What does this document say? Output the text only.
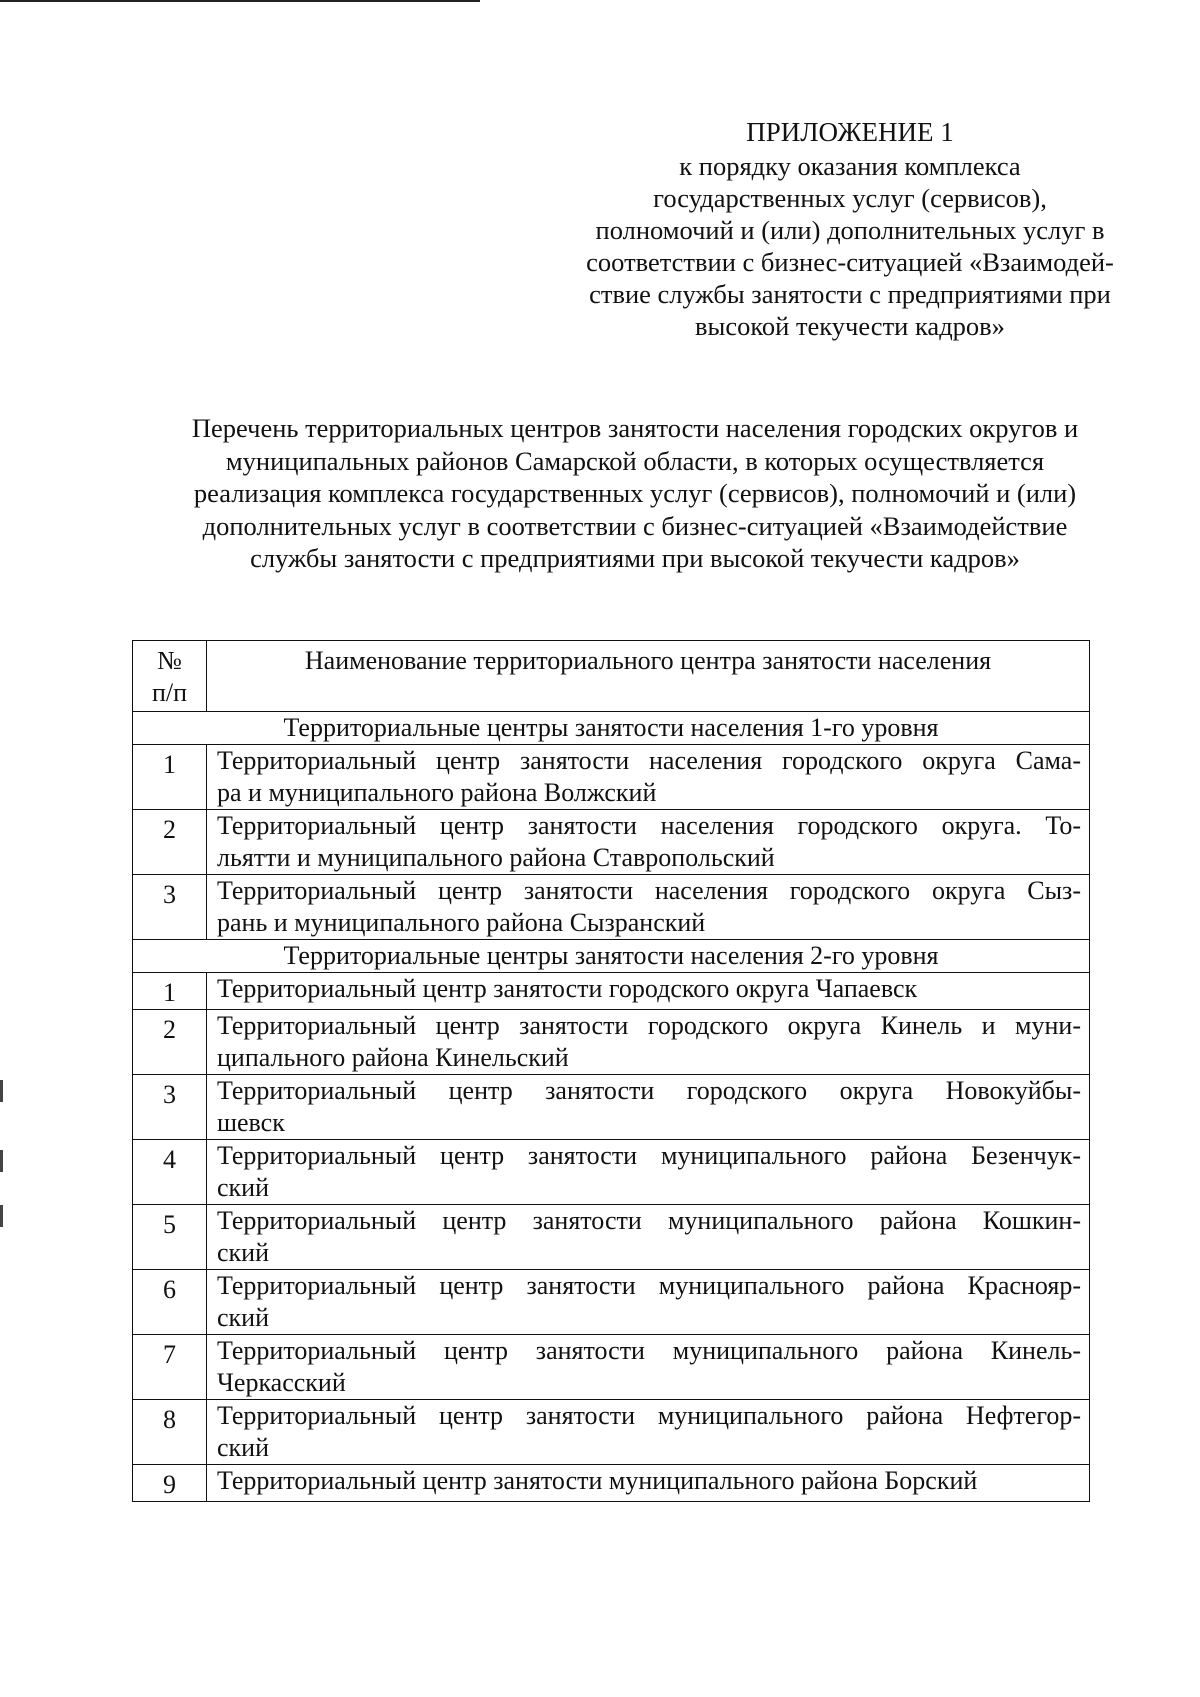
ПРИЛОЖЕНИЕ 1
к порядку оказания комплекса
государственных услуг (сервисов),
полномочий и (или) дополнительных услуг в
соответствии с бизнес-ситуацией «Взаимодей-
ствие службы занятости с предприятиями при
высокой текучести кадров»
Перечень территориальных центров занятости населения городских округов и
муниципальных районов Самарской области, в которых осуществляется
реализация комплекса государственных услуг (сервисов), полномочий и (или)
дополнительных услуг в соответствии с бизнес-ситуацией «Взаимодействие
службы занятости с предприятиями при высокой текучести кадров»
№
п/п	Наименование территориального центра занятости населения
Территориальные центры занятости населения 1-го уровня	
1	Территориальный центр занятости населения городского округа Сама-
ра и муниципального района Волжский

2	Территориальный центр занятости населения городского округа. То-
льятти и муниципального района Ставропольский

3	Территориальный центр занятости населения городского округа Сыз-
рань и муниципального района Сызранский

Территориальные центры занятости населения 2-го уровня	
1	Территориальный центр занятости городского округа Чапаевск

2	Территориальный центр занятости городского округа Кинель и муни-
ципального района Кинельский

3	Территориальный центр занятости городского округа Новокуйбы-
шевск

4	Территориальный центр занятости муниципального района Безенчук-
ский

5	Территориальный центр занятости муниципального района Кошкин-
ский

6	Территориальный центр занятости муниципального района Краснояр-
ский

7	Территориальный центр занятости муниципального района Кинель-
Черкасский

8	Территориальный центр занятости муниципального района Нефтегор-
ский

9	Территориальный центр занятости муниципального района Борский
